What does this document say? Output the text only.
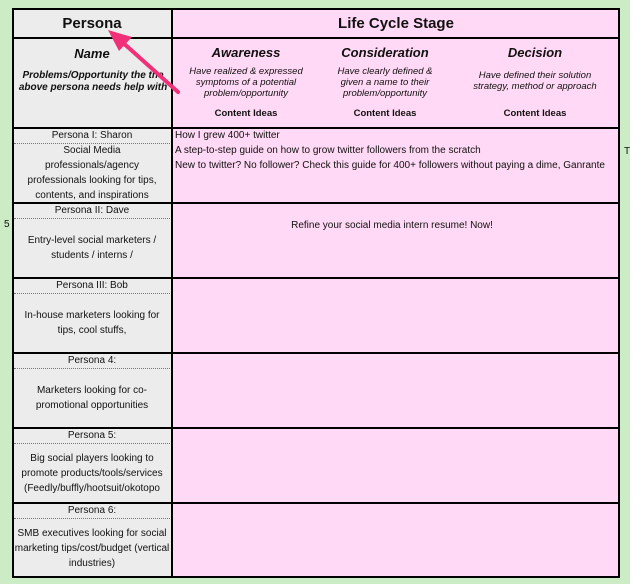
5
Persona	Life Cycle Stage
Name
Problems/Opportunity the the above persona needs help with
Awareness
Have realized & expressed symptoms of a potential problem/opportunity
Content Ideas
Consideration
Have clearly defined & given a name to their problem/opportunity
Content Ideas
Decision
Have defined their solution strategy, method or approach
Content Ideas
Persona I: Sharon
Social Media professionals/agency professionals looking for tips, contents, and inspirations
How I grew 400+ twitter
A step-to-step guide on how to grow twitter followers from the scratch
New to twitter? No follower? Check this guide for 400+ followers without paying a dime, Ganrante
T
Persona II: Dave
Entry-level social marketers / students / interns /
Refine your social media intern resume! Now!
Persona III: Bob
In-house marketers looking for tips, cool stuffs,
Persona 4:
Marketers looking for co-promotional opportunities
Persona 5:
Big social players looking to promote products/tools/services (Feedly/buffly/hootsuit/okotopo
Persona 6:
SMB executives looking for social marketing tips/cost/budget (vertical industries)
